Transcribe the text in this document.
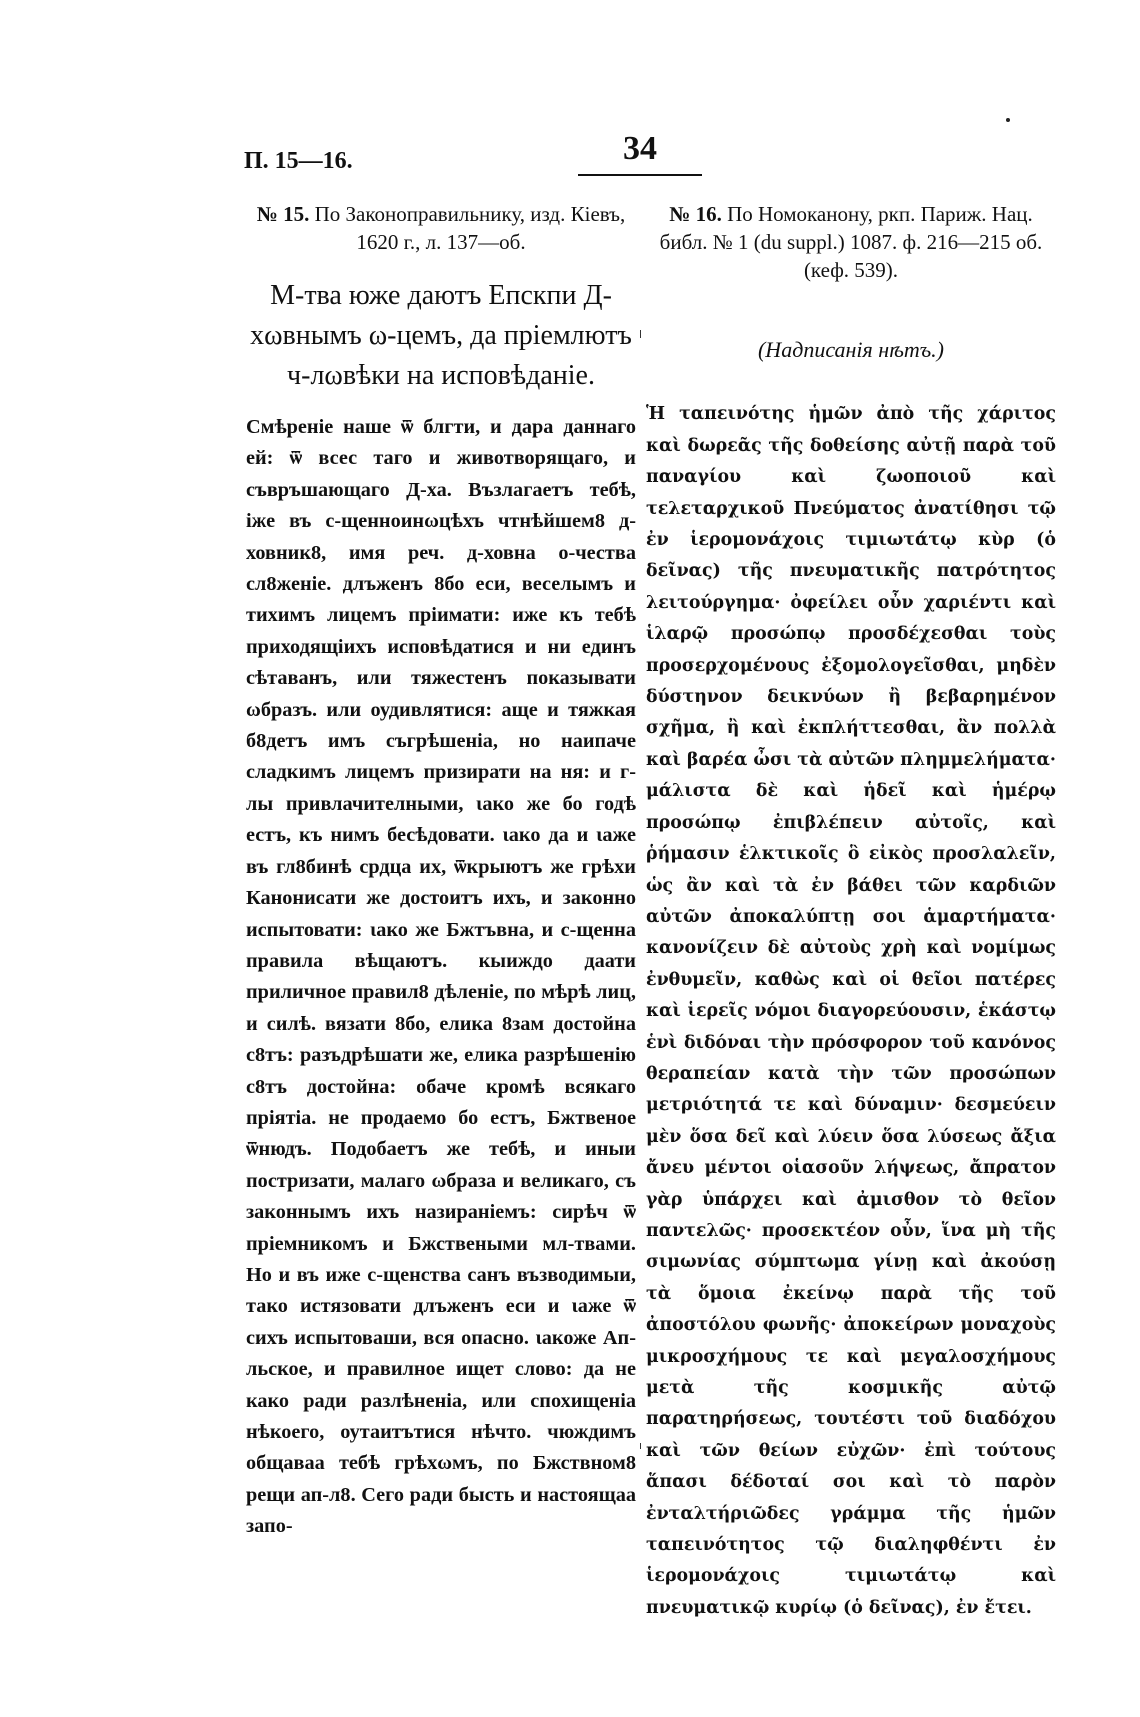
П. 15—16.	34

№ 15. По Законоправильнику, изд. Кіевъ, 1620 г., л. 137—об.

М-тва юже даютъ Епскпи Д-хωвнымъ ω-цемъ, да пріемлютъ ч-лωвѣки на исповѣданіе.

Смѣреніе наше ѿ блгти, и дара даннаго ей: ѿ всес таго и животворящаго, и съвръшающаго Д-ха. Възлагаетъ тебѣ, іже въ с-щенноинωцѣхъ чтнѣйшем8 д-ховник8, имя реч. д-ховна ο-чества сл8женіе. длъженъ 8бо еси, веселымъ и тихимъ лицемъ пріимати: иже къ тебѣ приходящіихъ исповѣдатися и ни единъ сѣтаванъ, или тяжестенъ показывати ωбразъ. или оудивлятися: аще и тяжкая б8детъ имъ съгрѣшеніа, но наипаче сладкимъ лицемъ призирати на ня: и г-лы привлачителными, ιако же бо годѣ естъ, къ нимъ бесѣдовати. ιако да и ιаже въ гл8бинѣ срдца их, ѿкрыютъ же грѣхи Канонисати же достоитъ ихъ, и законно испытовати: ιако же Бжтъвна, и с-щенна правила вѣщаютъ. кыиждо даати приличное правил8 дѣленіе, по мѣрѣ лиц, и силѣ. вязати 8бо, елика 8зам достойна с8тъ: разъдрѣшати же, елика разрѣшенію с8тъ достойна: обаче кромѣ всякаго пріятіа. не продаемо бо естъ, Бжтвеное ѿнюдъ. Подобаетъ же тебѣ, и иныи постризати, малаго ωбраза и великаго, съ законнымъ ихъ назираніемъ: сирѣч ѿ пріемникомъ и Бжствеными мл-твами. Но и въ иже с-щенства санъ възводимыи, тако истязовати длъженъ еси и ιаже ѿ сихъ испытоваши, вся опасно. ιакоже Ап-льское, и правилное ищет слово: да не како ради разлѣненіа, или спохищеніа нѣкоего, оутаитътися нѣчто. чюждимъ общаваа тебѣ грѣхωмъ, по Бжствном8 рещи ап-л8. Сего ради бысть и настоящаа запо-

№ 16. По Номоканону, ркп. Париж. Нац. библ. № 1 (du suppl.) 1087. ф. 216—215 об. (кеф. 539).

(Надписанія нѣтъ.)

Ἡ ταπεινότης ἡμῶν ἀπὸ τῆς χάριτος καὶ δωρεᾶς τῆς δοθείσης αὐτῇ παρὰ τοῦ παναγίου καὶ ζωοποιοῦ καὶ τελεταρχικοῦ Πνεύματος ἀνατίθησι τῷ ἐν ἱερομονάχοις τιμιωτάτῳ κὺρ (ὁ δεῖνας) τῆς πνευματικῆς πατρότητος λειτούργημα· ὀφείλει οὖν χαριέντι καὶ ἱλαρῷ προσώπῳ προσδέχεσθαι τοὺς προσερχομένους ἐξομολογεῖσθαι, μηδὲν δύστηνον δεικνύων ἢ βεβαρημένον σχῆμα, ἢ καὶ ἐκπλήττεσθαι, ἂν πολλὰ καὶ βαρέα ὦσι τὰ αὐτῶν πλημμελήματα· μάλιστα δὲ καὶ ἡδεῖ καὶ ἡμέρῳ προσώπῳ ἐπιβλέπειν αὐτοῖς, καὶ ῥήμασιν ἑλκτικοῖς ὃ εἰκὸς προσλαλεῖν, ὡς ἂν καὶ τὰ ἐν βάθει τῶν καρδιῶν αὐτῶν ἀποκαλύπτῃ σοι ἁμαρτήματα· κανονίζειν δὲ αὐτοὺς χρὴ καὶ νομίμως ἐνθυμεῖν, καθὼς καὶ οἱ θεῖοι πατέρες καὶ ἱερεῖς νόμοι διαγορεύουσιν, ἑκάστῳ ἑνὶ διδόναι τὴν πρόσφορον τοῦ κανόνος θεραπείαν κατὰ τὴν τῶν προσώπων μετριότητά τε καὶ δύναμιν· δεσμεύειν μὲν ὅσα δεῖ καὶ λύειν ὅσα λύσεως ἄξια ἄνευ μέντοι οἱασοῦν λήψεως, ἄπρατον γὰρ ὑπάρχει καὶ ἀμισθον τὸ θεῖον παντελῶς· προσεκτέον οὖν, ἵνα μὴ τῆς σιμωνίας σύμπτωμα γίνῃ καὶ ἀκούσῃ τὰ ὅμοια ἐκείνῳ παρὰ τῆς τοῦ ἀποστόλου φωνῆς· ἀποκείρων μοναχοὺς μικροσχήμους τε καὶ μεγαλοσχήμους μετὰ τῆς κοσμικῆς αὐτῷ παρατηρήσεως, τουτέστι τοῦ διαδόχου καὶ τῶν θείων εὐχῶν· ἐπὶ τούτους ἅπασι δέδοταί σοι καὶ τὸ παρὸν ἐνταλτήριῶδες γράμμα τῆς ἡμῶν ταπεινότητος τῷ διαληφθέντι ἐν ἱερομονάχοις τιμιωτάτῳ καὶ πνευματικῷ κυρίῳ (ὁ δεῖνας), ἐν ἔτει.
